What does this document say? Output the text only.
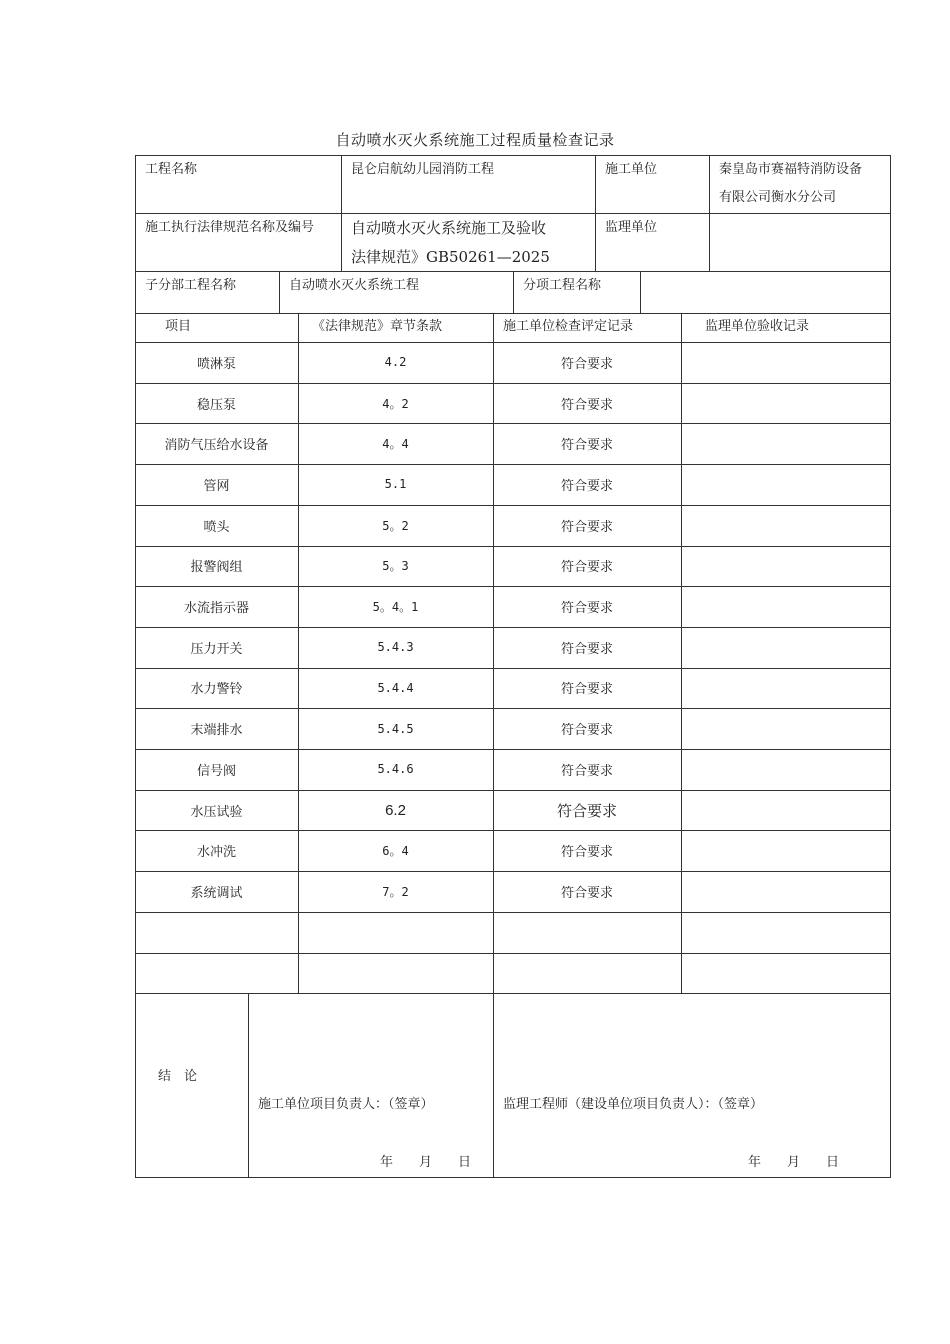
自动喷水灭火系统施工过程质量检查记录
工程名称	昆仑启航幼儿园消防工程	施工单位	秦皇岛市赛福特消防设备
有限公司衡水分公司
施工执行法律规范名称及编号 自动喷水灭火系统施工及验收
法律规范》GB50261—2025
监理单位
子分部工程名称	自动喷水灭火系统工程	分项工程名称
项目	《法律规范》章节条款	施工单位检查评定记录	监理单位验收记录
喷淋泵	4.2	符合要求
稳压泵	4。2	符合要求
消防气压给水设备	4。4	符合要求
管网	5.1	符合要求
喷头	5。2	符合要求
报警阀组	5。3	符合要求
水流指示器	5。4。1	符合要求
压力开关	5.4.3	符合要求
水力警铃	5.4.4	符合要求
末端排水	5.4.5	符合要求
信号阀	5.4.6	符合要求
水压试验	6.2	符合要求
水冲洗	6。4	符合要求
系统调试	7。2	符合要求
结　论
施工单位项目负责人：（签章）	监理工程师（建设单位项目负责人）：（签章）
年　　月　　日	年　　月　　日
